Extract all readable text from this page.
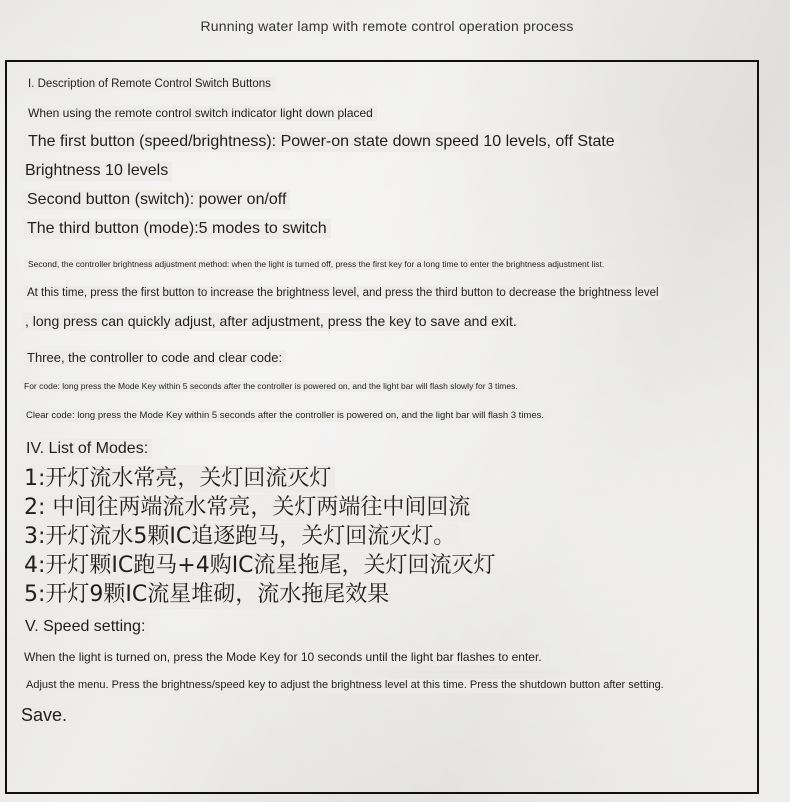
Running water lamp with remote control operation process
I. Description of Remote Control Switch Buttons
When using the remote control switch indicator light down placed
The first button (speed/brightness): Power-on state down speed 10 levels, off State
Brightness 10 levels
Second button (switch): power on/off
The third button (mode):5 modes to switch
Second, the controller brightness adjustment method: when the light is turned off, press the first key for a long time to enter the brightness adjustment list.
At this time, press the first button to increase the brightness level, and press the third button to decrease the brightness level
, long press can quickly adjust, after adjustment, press the key to save and exit.
Three, the controller to code and clear code:
For code: long press the Mode Key within 5 seconds after the controller is powered on, and the light bar will flash slowly for 3 times.
Clear code: long press the Mode Key within 5 seconds after the controller is powered on, and the light bar will flash 3 times.
IV. List of Modes:
1:开灯流水常亮，关灯回流灭灯
2: 中间往两端流水常亮，关灯两端往中间回流
3:开灯流水5颗IC追逐跑马，关灯回流灭灯。
4:开灯颗IC跑马+4购IC流星拖尾，关灯回流灭灯
5:开灯9颗IC流星堆砌，流水拖尾效果
V. Speed setting:
When the light is turned on, press the Mode Key for 10 seconds until the light bar flashes to enter.
Adjust the menu. Press the brightness/speed key to adjust the brightness level at this time. Press the shutdown button after setting.
Save.
